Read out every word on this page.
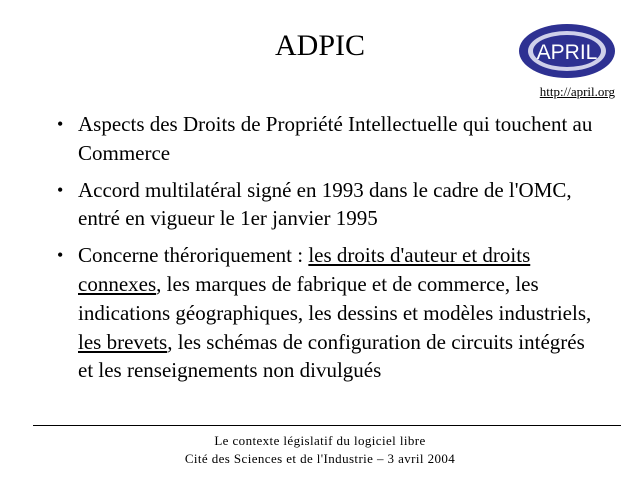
ADPIC	APRIL
http://april.org
• Aspects des Droits de Propriété Intellectuelle qui touchent au Commerce
• Accord multilatéral signé en 1993 dans le cadre de l'OMC, entré en vigueur le 1er janvier 1995
• Concerne théroriquement : les droits d'auteur et droits connexes, les marques de fabrique et de commerce, les indications géographiques, les dessins et modèles industriels, les brevets, les schémas de configuration de circuits intégrés et les renseignements non divulgués
Le contexte législatif du logiciel libre
Cité des Sciences et de l'Industrie – 3 avril 2004
